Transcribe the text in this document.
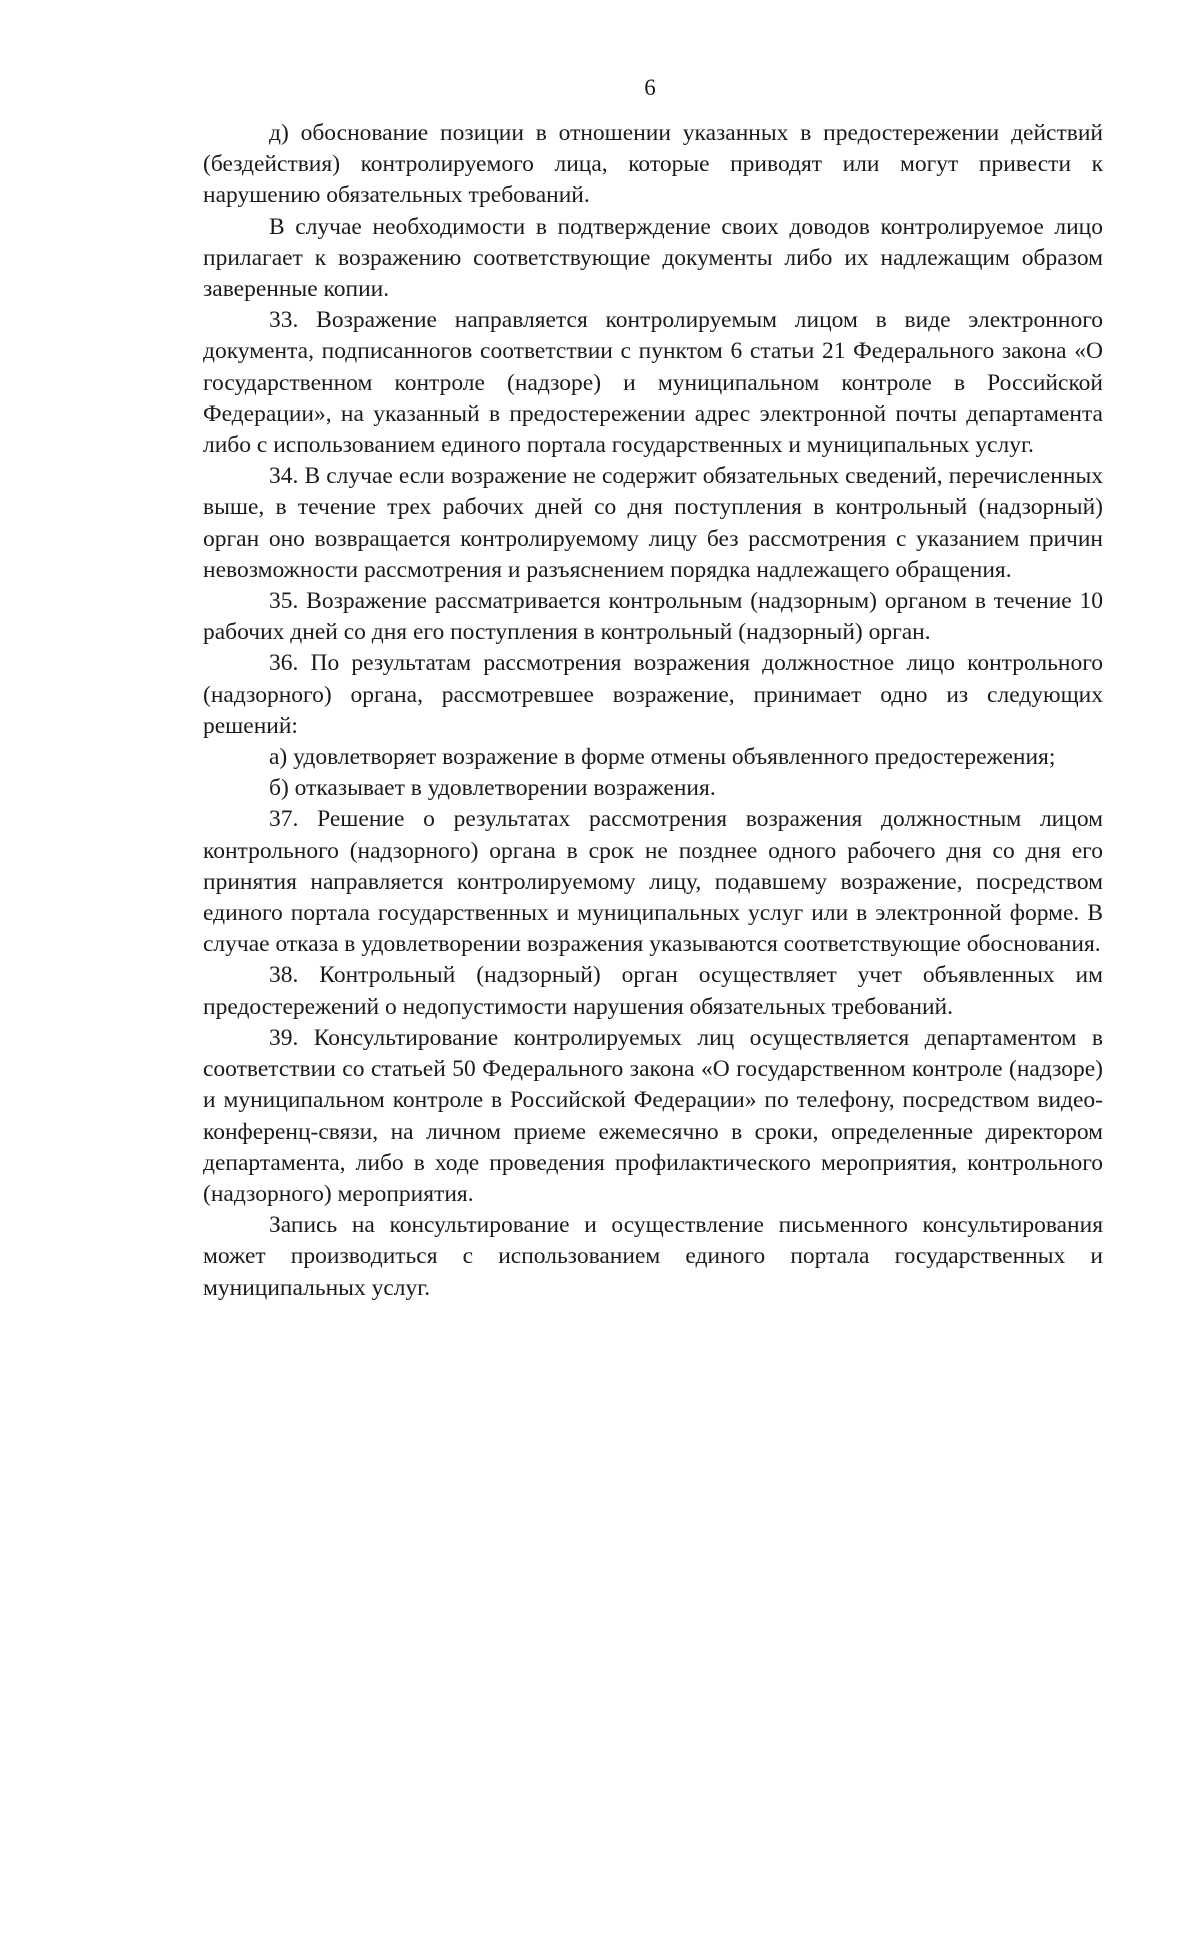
6

д) обоснование позиции в отношении указанных в предостережении действий (бездействия) контролируемого лица, которые приводят или могут привести к нарушению обязательных требований.

В случае необходимости в подтверждение своих доводов контролируемое лицо прилагает к возражению соответствующие документы либо их надлежащим образом заверенные копии.

33. Возражение направляется контролируемым лицом в виде электронного документа, подписанногов соответствии с пунктом 6 статьи 21 Федерального закона «О государственном контроле (надзоре) и муниципальном контроле в Российской Федерации», на указанный в предостережении адрес электронной почты департамента либо с использованием единого портала государственных и муниципальных услуг.

34. В случае если возражение не содержит обязательных сведений, перечисленных выше, в течение трех рабочих дней со дня поступления в контрольный (надзорный) орган оно возвращается контролируемому лицу без рассмотрения с указанием причин невозможности рассмотрения и разъяснением порядка надлежащего обращения.

35. Возражение рассматривается контрольным (надзорным) органом в течение 10 рабочих дней со дня его поступления в контрольный (надзорный) орган.

36. По результатам рассмотрения возражения должностное лицо контрольного (надзорного) органа, рассмотревшее возражение, принимает одно из следующих решений:

а) удовлетворяет возражение в форме отмены объявленного предостережения;

б) отказывает в удовлетворении возражения.

37. Решение о результатах рассмотрения возражения должностным лицом контрольного (надзорного) органа в срок не позднее одного рабочего дня со дня его принятия направляется контролируемому лицу, подавшему возражение, посредством единого портала государственных и муниципальных услуг или в электронной форме. В случае отказа в удовлетворении возражения указываются соответствующие обоснования.

38. Контрольный (надзорный) орган осуществляет учет объявленных им предостережений о недопустимости нарушения обязательных требований.

39. Консультирование контролируемых лиц осуществляется департаментом в соответствии со статьей 50 Федерального закона «О государственном контроле (надзоре) и муниципальном контроле в Российской Федерации» по телефону, посредством видео-конференц-связи, на личном приеме ежемесячно в сроки, определенные директором департамента, либо в ходе проведения профилактического мероприятия, контрольного (надзорного) мероприятия.

Запись на консультирование и осуществление письменного консультирования может производиться с использованием единого портала государственных и муниципальных услуг.
